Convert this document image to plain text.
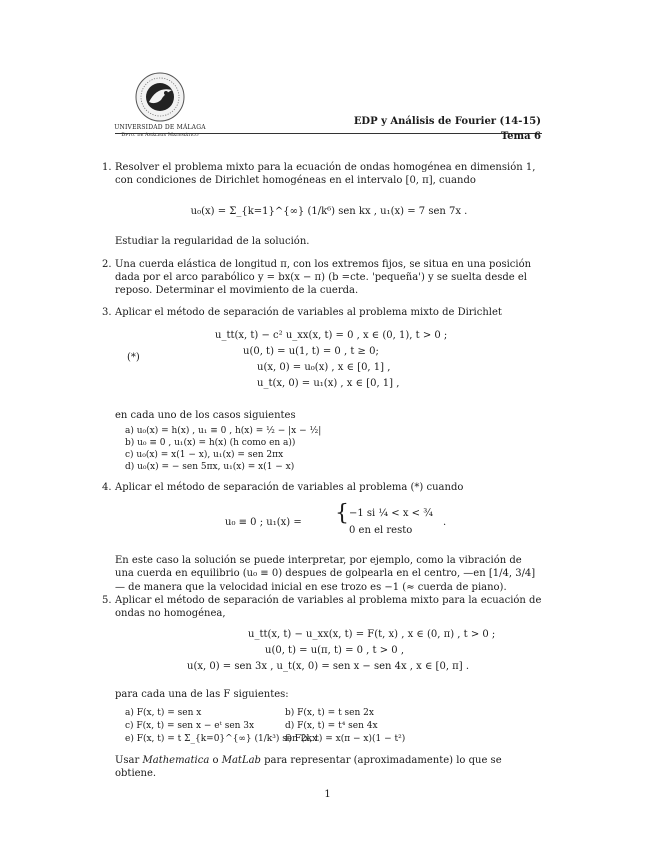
UNIVERSIDAD DE MÁLAGA
Dpto. de Análisis Matemático
EDP y Análisis de Fourier (14-15)
Tema 6
1. Resolver el problema mixto para la ecuación de ondas homogénea en dimensión 1, con condiciones de Dirichlet homogéneas en el intervalo [0, π], cuando

u₀(x) = Σ_{k=1}^{∞} (1/k⁶) sen kx , u₁(x) = 7 sen 7x .

Estudiar la regularidad de la solución.

2. Una cuerda elástica de longitud π, con los extremos fijos, se situa en una posición dada por el arco parabólico y = bx(x − π) (b =cte. 'pequeña') y se suelta desde el reposo. Determinar el movimiento de la cuerda.

3. Aplicar el método de separación de variables al problema mixto de Dirichlet

(*)
u_tt(x, t) − c² u_xx(x, t) = 0 , x ∈ (0, 1), t > 0 ;
u(0, t) = u(1, t) = 0 , t ≥ 0;
u(x, 0) = u₀(x) , x ∈ [0, 1] ,
u_t(x, 0) = u₁(x) , x ∈ [0, 1] ,

en cada uno de los casos siguientes

a) u₀(x) = h(x) , u₁ ≡ 0 , h(x) = ½ − |x − ½|
b) u₀ ≡ 0 , u₁(x) = h(x) (h como en a))
c) u₀(x) = x(1 − x), u₁(x) = sen 2πx
d) u₀(x) = − sen 5πx, u₁(x) = x(1 − x)
4. Aplicar el método de separación de variables al problema (*) cuando

u₀ ≡ 0 ; u₁(x) = { −1 si ¼ < x < ¾
0 en el resto
.

En este caso la solución se puede interpretar, por ejemplo, como la vibración de una cuerda en equilibrio (u₀ ≡ 0) despues de golpearla en el centro, —en [1/4, 3/4]— de manera que la velocidad inicial en ese trozo es −1 (≈ cuerda de piano).

5. Aplicar el método de separación de variables al problema mixto para la ecuación de ondas no homogénea,

u_tt(x, t) − u_xx(x, t) = F(t, x) , x ∈ (0, π) , t > 0 ;
u(0, t) = u(π, t) = 0 , t > 0 ,
u(x, 0) = sen 3x , u_t(x, 0) = sen x − sen 4x , x ∈ [0, π] .

para cada una de las F siguientes:

a) F(x, t) = sen x	b) F(x, t) = t sen 2x
c) F(x, t) = sen x − eᵗ sen 3x	d) F(x, t) = t⁴ sen 4x
e) F(x, t) = t Σ_{k=0}^{∞} (1/k³) sen 2kx
f) F(x, t) = x(π − x)(1 − t²)

Usar Mathematica o MatLab para representar (aproximadamente) lo que se obtiene.

1
